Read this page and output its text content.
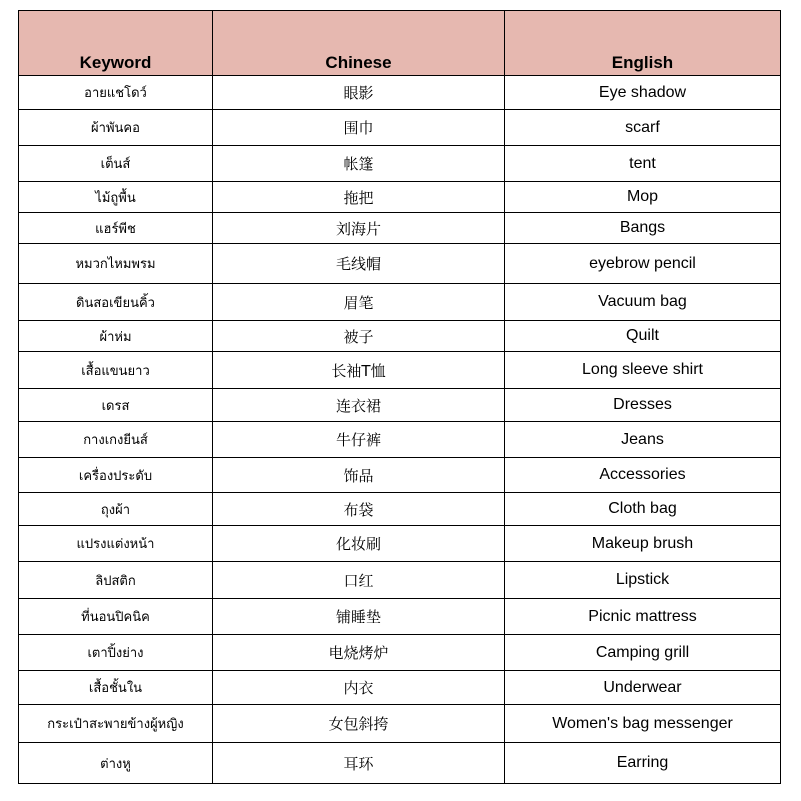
Keyword	Chinese	English
อายแชโดว์	眼影	Eye shadow
ผ้าพันคอ	围巾	scarf
เต็นส์	帐篷	tent
ไม้ถูพื้น	拖把	Mop
แฮร์พีช	刘海片	Bangs
หมวกไหมพรม	毛线帽	eyebrow pencil
ดินสอเขียนคิ้ว	眉笔	Vacuum bag
ผ้าห่ม	被子	Quilt
เสื้อแขนยาว	长袖T恤	Long sleeve shirt
เดรส	连衣裙	Dresses
กางเกงยีนส์	牛仔裤	Jeans
เครื่องประดับ	饰品	Accessories
ถุงผ้า	布袋	Cloth bag
แปรงแต่งหน้า	化妆刷	Makeup brush
ลิปสติก	口红	Lipstick
ที่นอนปิคนิค	铺睡垫	Picnic mattress
เตาปิ้งย่าง	电烧烤炉	Camping grill
เสื้อชั้นใน	内衣	Underwear
กระเป๋าสะพายข้างผู้หญิง	女包斜挎	Women's bag messenger
ต่างหู	耳环	Earring
